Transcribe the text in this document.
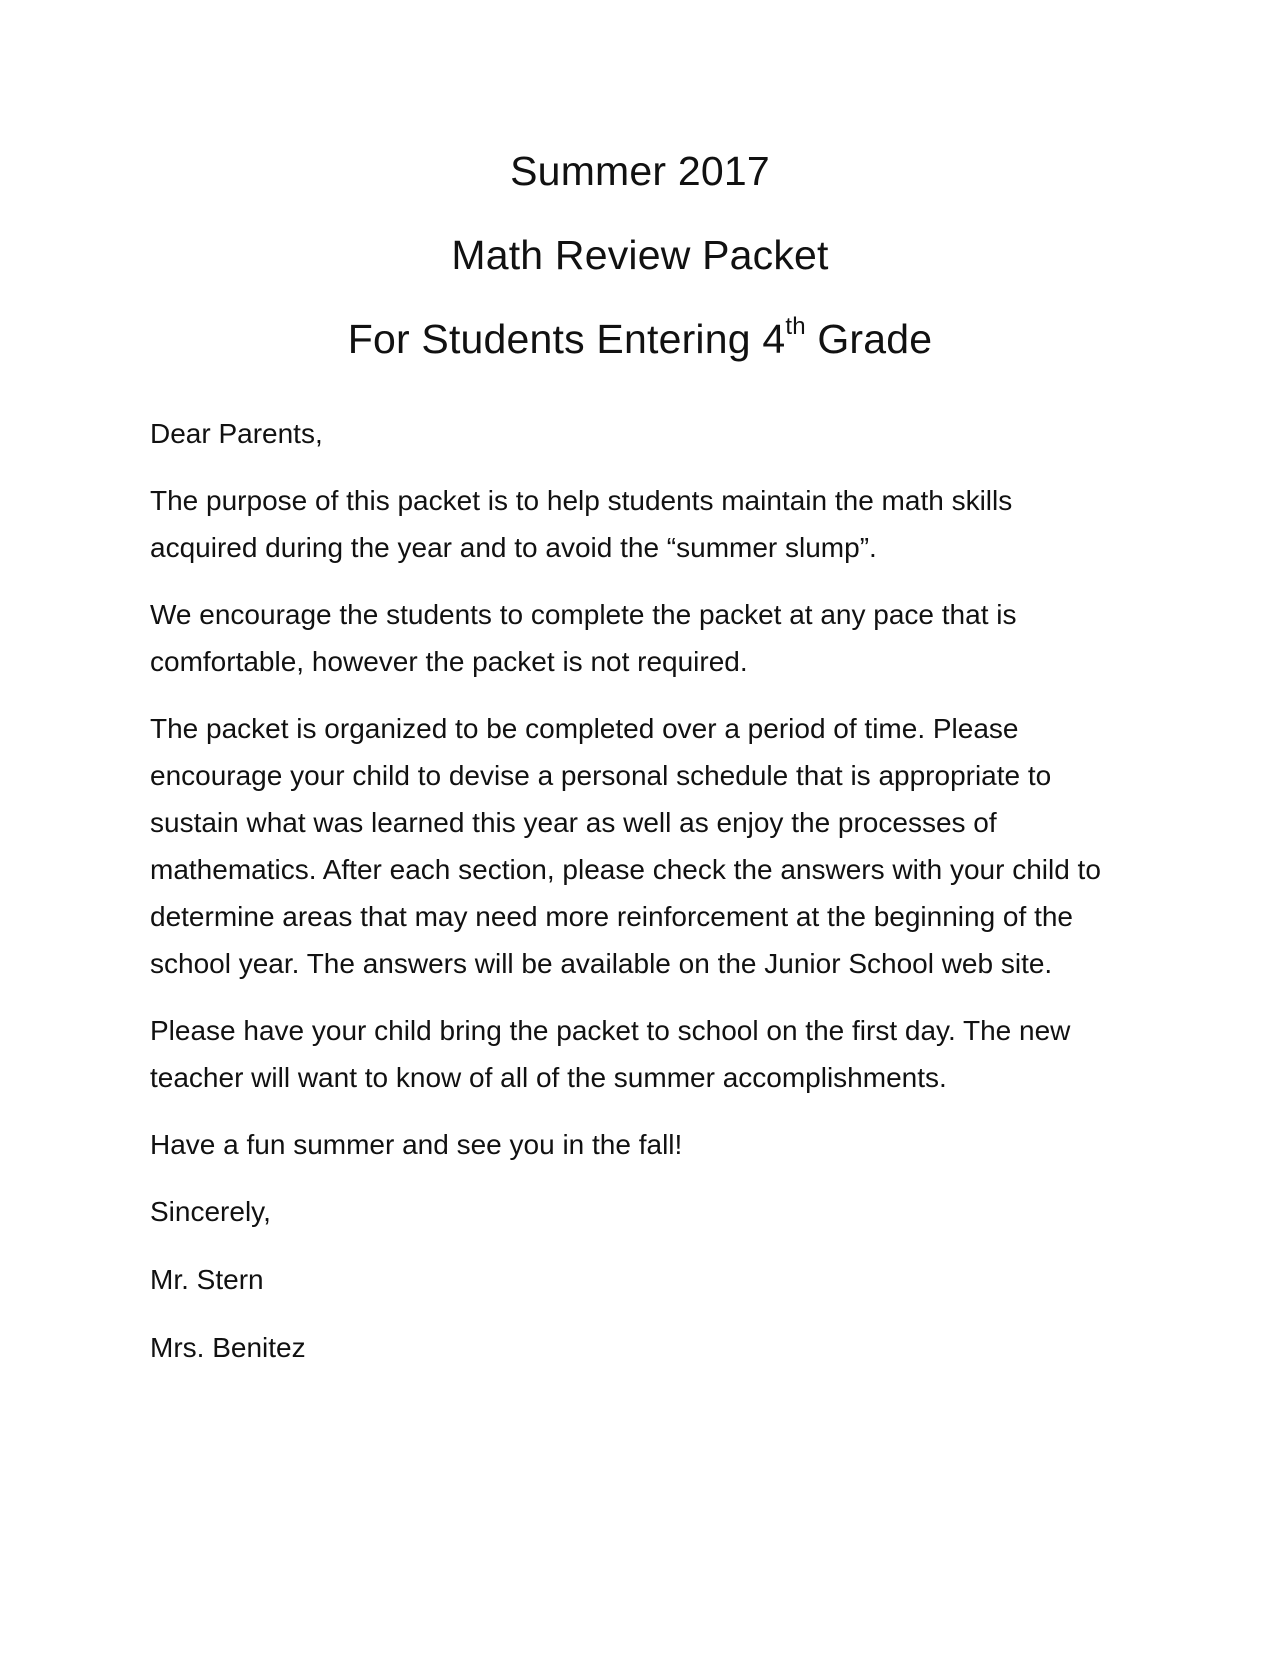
Summer 2017
Math Review Packet
For Students Entering 4th Grade

Dear Parents,

The purpose of this packet is to help students maintain the math skills acquired during the year and to avoid the “summer slump”.

We encourage the students to complete the packet at any pace that is comfortable, however the packet is not required.

The packet is organized to be completed over a period of time. Please encourage your child to devise a personal schedule that is appropriate to sustain what was learned this year as well as enjoy the processes of mathematics. After each section, please check the answers with your child to determine areas that may need more reinforcement at the beginning of the school year. The answers will be available on the Junior School web site.

Please have your child bring the packet to school on the first day. The new teacher will want to know of all of the summer accomplishments.

Have a fun summer and see you in the fall!

Sincerely,

Mr. Stern

Mrs. Benitez
